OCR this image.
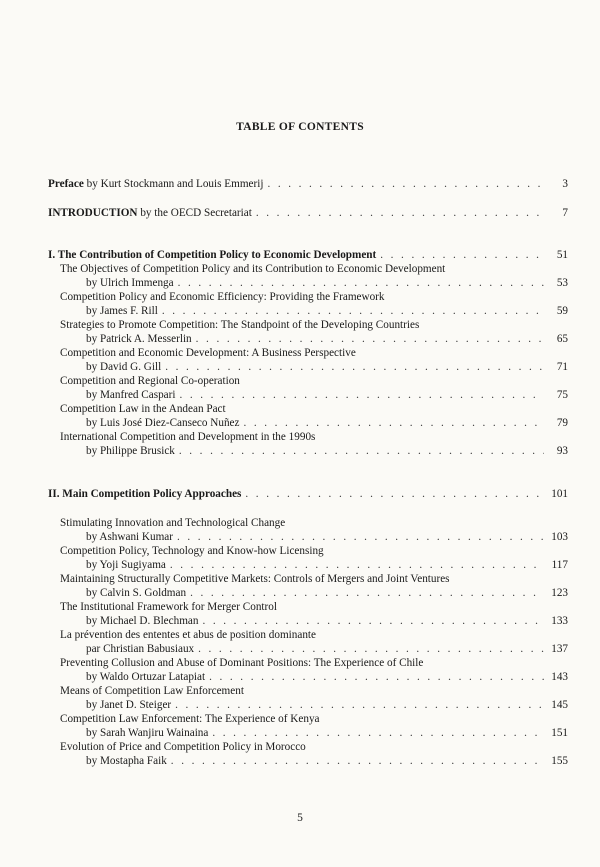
TABLE OF CONTENTS
Preface by Kurt Stockmann and Louis Emmerij . . .	3
INTRODUCTION by the OECD Secretariat . . .	7
I. The Contribution of Competition Policy to Economic Development . . .	51
The Objectives of Competition Policy and its Contribution to Economic Development
by Ulrich Immenga . . .	53
Competition Policy and Economic Efficiency: Providing the Framework
by James F. Rill . . .	59
Strategies to Promote Competition: The Standpoint of the Developing Countries
by Patrick A. Messerlin . . .	65
Competition and Economic Development: A Business Perspective
by David G. Gill . . .	71
Competition and Regional Co-operation
by Manfred Caspari . . .	75
Competition Law in the Andean Pact
by Luis José Diez-Canseco Nuñez . . .	79
International Competition and Development in the 1990s
by Philippe Brusick . . .	93
II. Main Competition Policy Approaches . . .	101
Stimulating Innovation and Technological Change
by Ashwani Kumar . . .	103
Competition Policy, Technology and Know-how Licensing
by Yoji Sugiyama . . .	117
Maintaining Structurally Competitive Markets: Controls of Mergers and Joint Ventures
by Calvin S. Goldman . . .	123
The Institutional Framework for Merger Control
by Michael D. Blechman . . .	133
La prévention des ententes et abus de position dominante
par Christian Babusiaux . . .	137
Preventing Collusion and Abuse of Dominant Positions: The Experience of Chile
by Waldo Ortuzar Latapiat . . .	143
Means of Competition Law Enforcement
by Janet D. Steiger . . .	145
Competition Law Enforcement: The Experience of Kenya
by Sarah Wanjiru Wainaina . . .	151
Evolution of Price and Competition Policy in Morocco
by Mostapha Faik . . .	155
5
